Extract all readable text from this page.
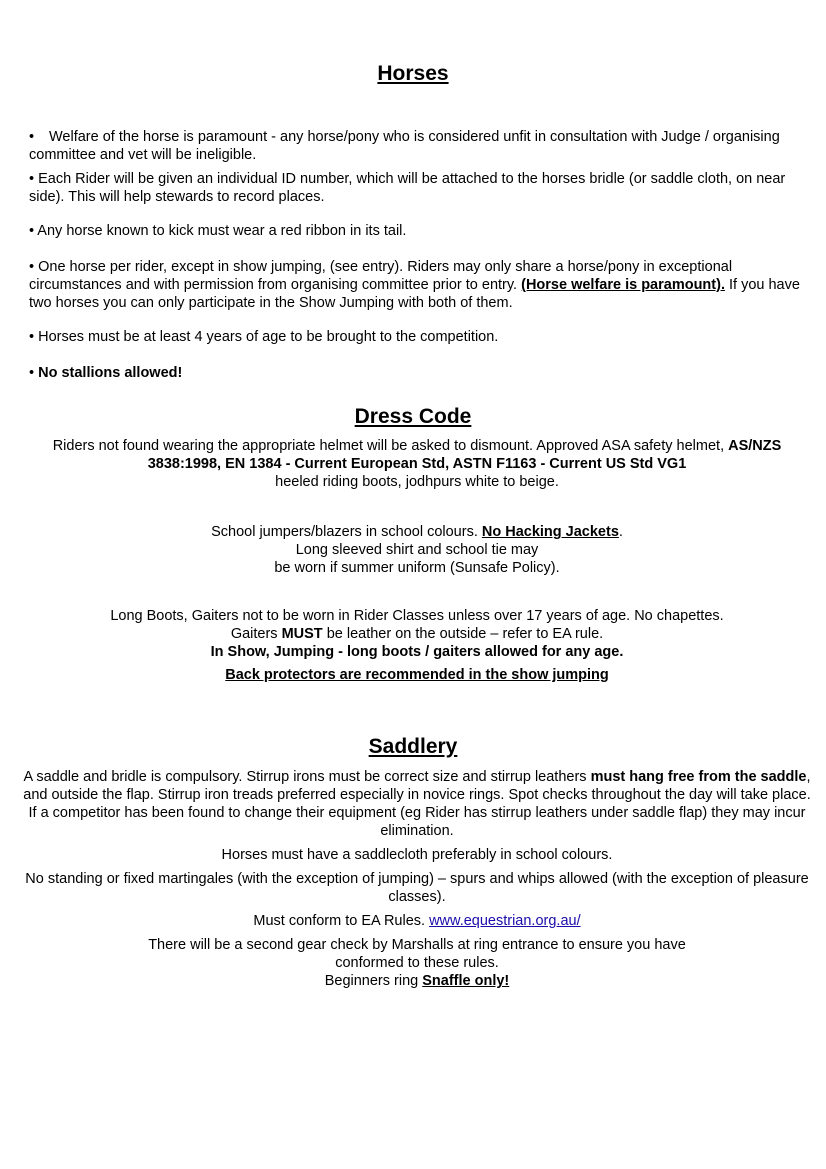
Horses
• Welfare of the horse is paramount - any horse/pony who is considered unfit in consultation with Judge / organising committee and vet will be ineligible.
• Each Rider will be given an individual ID number, which will be attached to the horses bridle (or saddle cloth, on near side). This will help stewards to record places.
• Any horse known to kick must wear a red ribbon in its tail.
• One horse per rider, except in show jumping, (see entry). Riders may only share a horse/pony in exceptional circumstances and with permission from organising committee prior to entry. (Horse welfare is paramount). If you have two horses you can only participate in the Show Jumping with both of them.
• Horses must be at least 4 years of age to be brought to the competition.
• No stallions allowed!
Dress Code
Riders not found wearing the appropriate helmet will be asked to dismount. Approved ASA safety helmet, AS/NZS 3838:1998, EN 1384 - Current European Std, ASTN F1163 - Current US Std VG1
heeled riding boots, jodhpurs white to beige.
School jumpers/blazers in school colours. No Hacking Jackets.
Long sleeved shirt and school tie may
be worn if summer uniform (Sunsafe Policy).
Long Boots, Gaiters not to be worn in Rider Classes unless over 17 years of age. No chapettes.
Gaiters MUST be leather on the outside – refer to EA rule.
In Show, Jumping - long boots / gaiters allowed for any age.
Back protectors are recommended in the show jumping
Saddlery
A saddle and bridle is compulsory. Stirrup irons must be correct size and stirrup leathers must hang free from the saddle, and outside the flap. Stirrup iron treads preferred especially in novice rings. Spot checks throughout the day will take place. If a competitor has been found to change their equipment (eg Rider has stirrup leathers under saddle flap) they may incur elimination.
Horses must have a saddlecloth preferably in school colours.
No standing or fixed martingales (with the exception of jumping) – spurs and whips allowed (with the exception of pleasure classes).
Must conform to EA Rules. www.equestrian.org.au/
There will be a second gear check by Marshalls at ring entrance to ensure you have
conformed to these rules.
Beginners ring Snaffle only!
